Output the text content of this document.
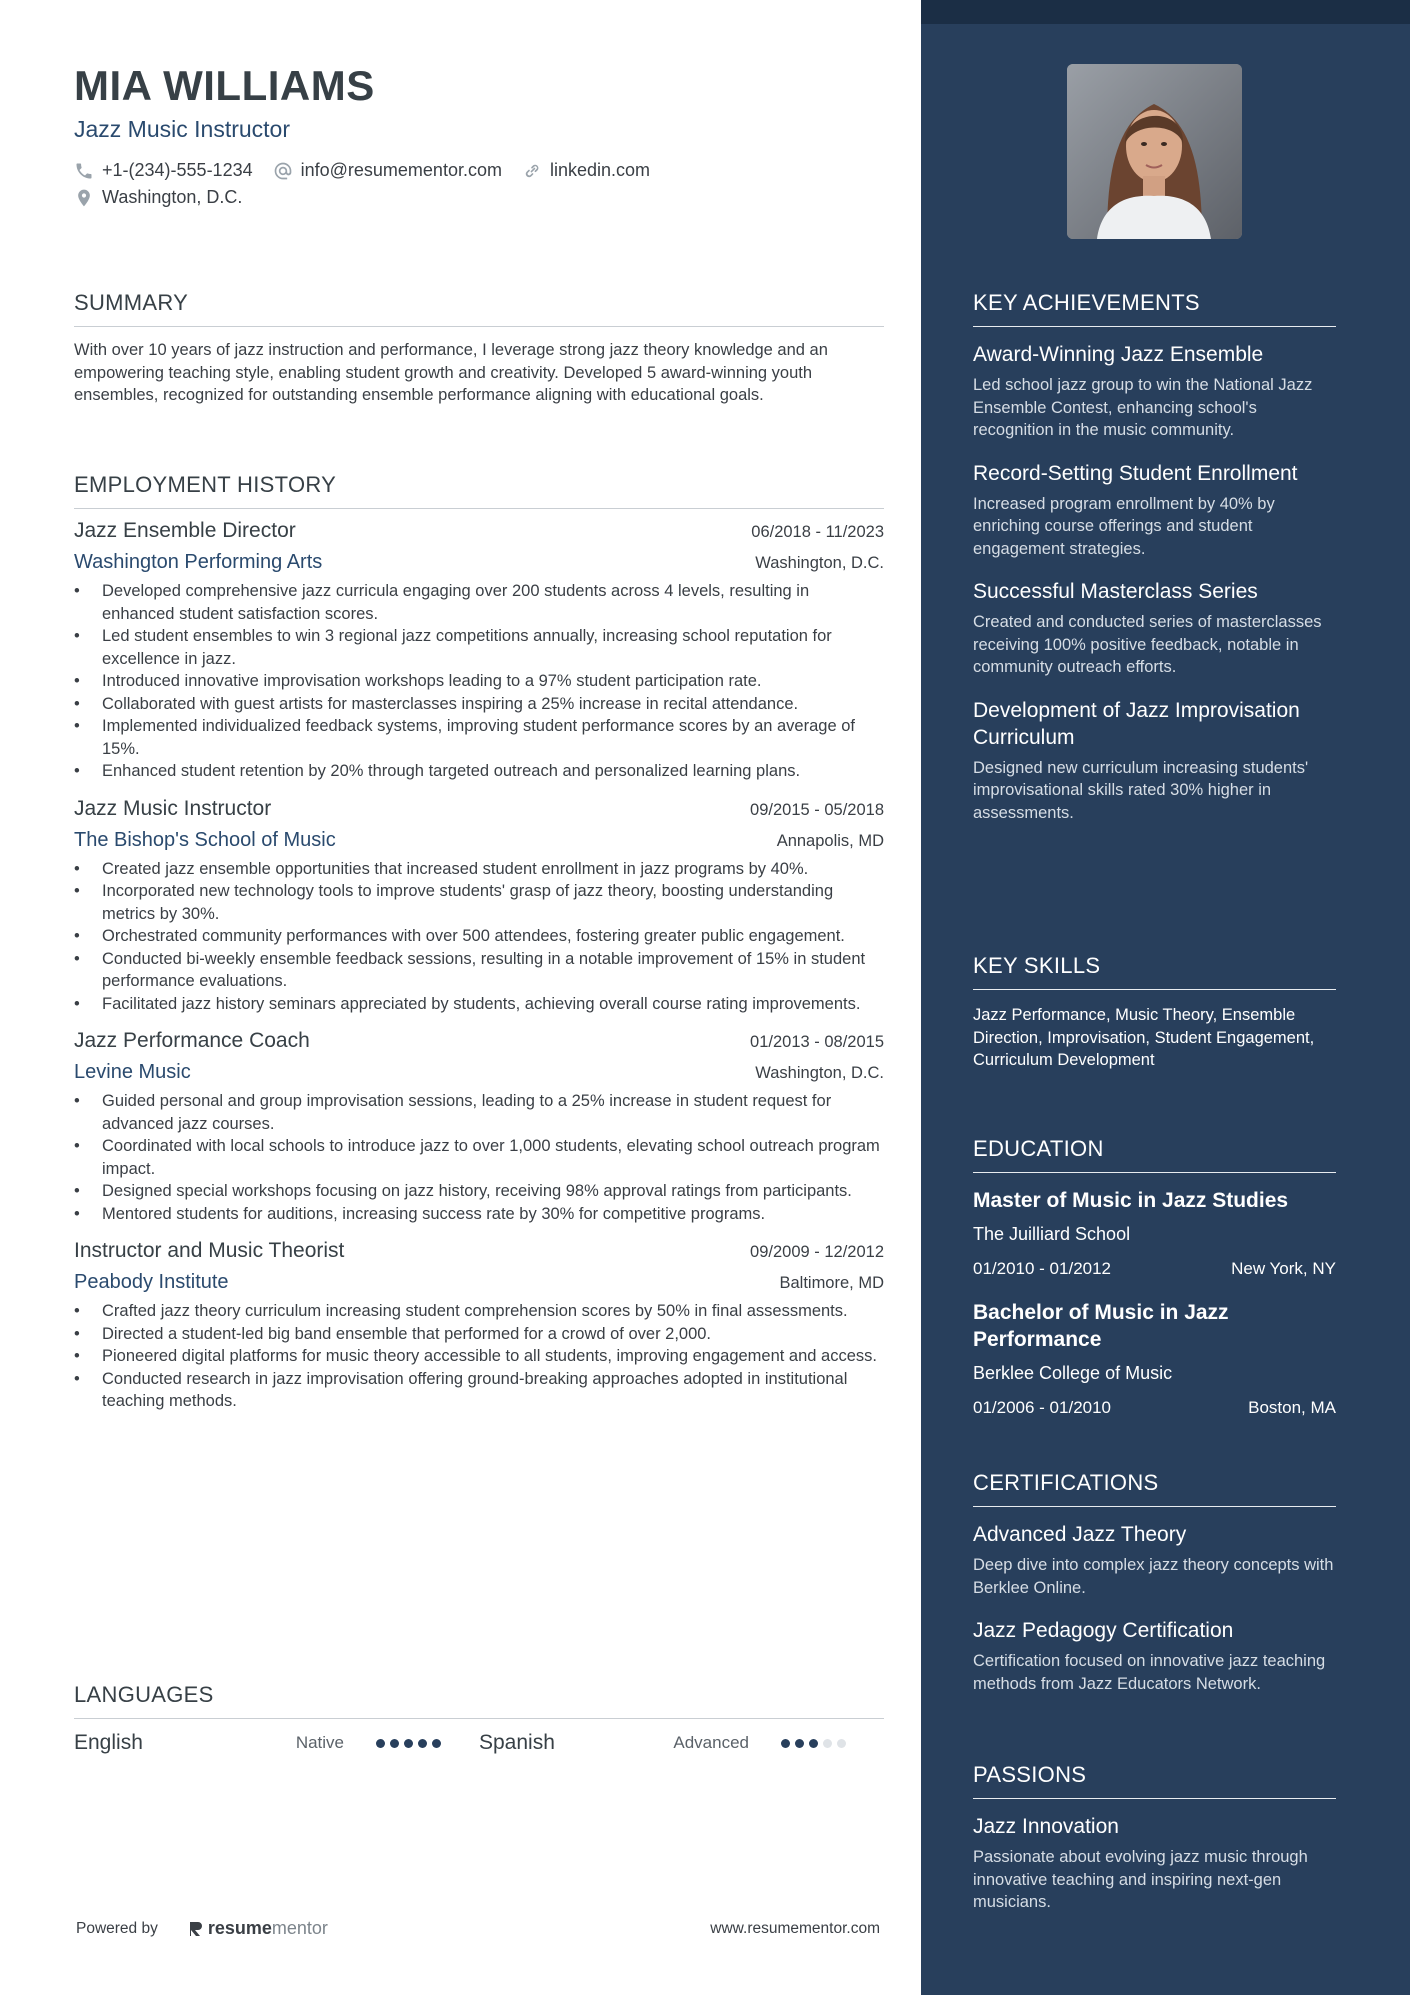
MIA WILLIAMS
Jazz Music Instructor
+1-(234)-555-1234	info@resumementor.com	linkedin.com
Washington, D.C.
SUMMARY
With over 10 years of jazz instruction and performance, I leverage strong jazz theory knowledge and an empowering teaching style, enabling student growth and creativity. Developed 5 award-winning youth ensembles, recognized for outstanding ensemble performance aligning with educational goals.
EMPLOYMENT HISTORY
Jazz Ensemble Director	06/2018 - 11/2023
Washington Performing Arts	Washington, D.C.
• Developed comprehensive jazz curricula engaging over 200 students across 4 levels, resulting in enhanced student satisfaction scores.
• Led student ensembles to win 3 regional jazz competitions annually, increasing school reputation for excellence in jazz.
• Introduced innovative improvisation workshops leading to a 97% student participation rate.
• Collaborated with guest artists for masterclasses inspiring a 25% increase in recital attendance.
• Implemented individualized feedback systems, improving student performance scores by an average of 15%.
• Enhanced student retention by 20% through targeted outreach and personalized learning plans.
Jazz Music Instructor	09/2015 - 05/2018
The Bishop's School of Music	Annapolis, MD
• Created jazz ensemble opportunities that increased student enrollment in jazz programs by 40%.
• Incorporated new technology tools to improve students' grasp of jazz theory, boosting understanding metrics by 30%.
• Orchestrated community performances with over 500 attendees, fostering greater public engagement.
• Conducted bi-weekly ensemble feedback sessions, resulting in a notable improvement of 15% in student performance evaluations.
• Facilitated jazz history seminars appreciated by students, achieving overall course rating improvements.
Jazz Performance Coach	01/2013 - 08/2015
Levine Music	Washington, D.C.
• Guided personal and group improvisation sessions, leading to a 25% increase in student request for advanced jazz courses.
• Coordinated with local schools to introduce jazz to over 1,000 students, elevating school outreach program impact.
• Designed special workshops focusing on jazz history, receiving 98% approval ratings from participants.
• Mentored students for auditions, increasing success rate by 30% for competitive programs.
Instructor and Music Theorist	09/2009 - 12/2012
Peabody Institute	Baltimore, MD
• Crafted jazz theory curriculum increasing student comprehension scores by 50% in final assessments.
• Directed a student-led big band ensemble that performed for a crowd of over 2,000.
• Pioneered digital platforms for music theory accessible to all students, improving engagement and access.
• Conducted research in jazz improvisation offering ground-breaking approaches adopted in institutional teaching methods.
LANGUAGES
English	Native	Spanish	Advanced
Powered by	resume mentor	www.resumementor.com
KEY ACHIEVEMENTS
Award-Winning Jazz Ensemble
Led school jazz group to win the National Jazz Ensemble Contest, enhancing school's recognition in the music community.
Record-Setting Student Enrollment
Increased program enrollment by 40% by enriching course offerings and student engagement strategies.
Successful Masterclass Series
Created and conducted series of masterclasses receiving 100% positive feedback, notable in community outreach efforts.
Development of Jazz Improvisation Curriculum
Designed new curriculum increasing students' improvisational skills rated 30% higher in assessments.
KEY SKILLS
Jazz Performance, Music Theory, Ensemble Direction, Improvisation, Student Engagement, Curriculum Development
EDUCATION
Master of Music in Jazz Studies
The Juilliard School
01/2010 - 01/2012	New York, NY
Bachelor of Music in Jazz Performance
Berklee College of Music
01/2006 - 01/2010	Boston, MA
CERTIFICATIONS
Advanced Jazz Theory
Deep dive into complex jazz theory concepts with Berklee Online.
Jazz Pedagogy Certification
Certification focused on innovative jazz teaching methods from Jazz Educators Network.
PASSIONS
Jazz Innovation
Passionate about evolving jazz music through innovative teaching and inspiring next-gen musicians.
